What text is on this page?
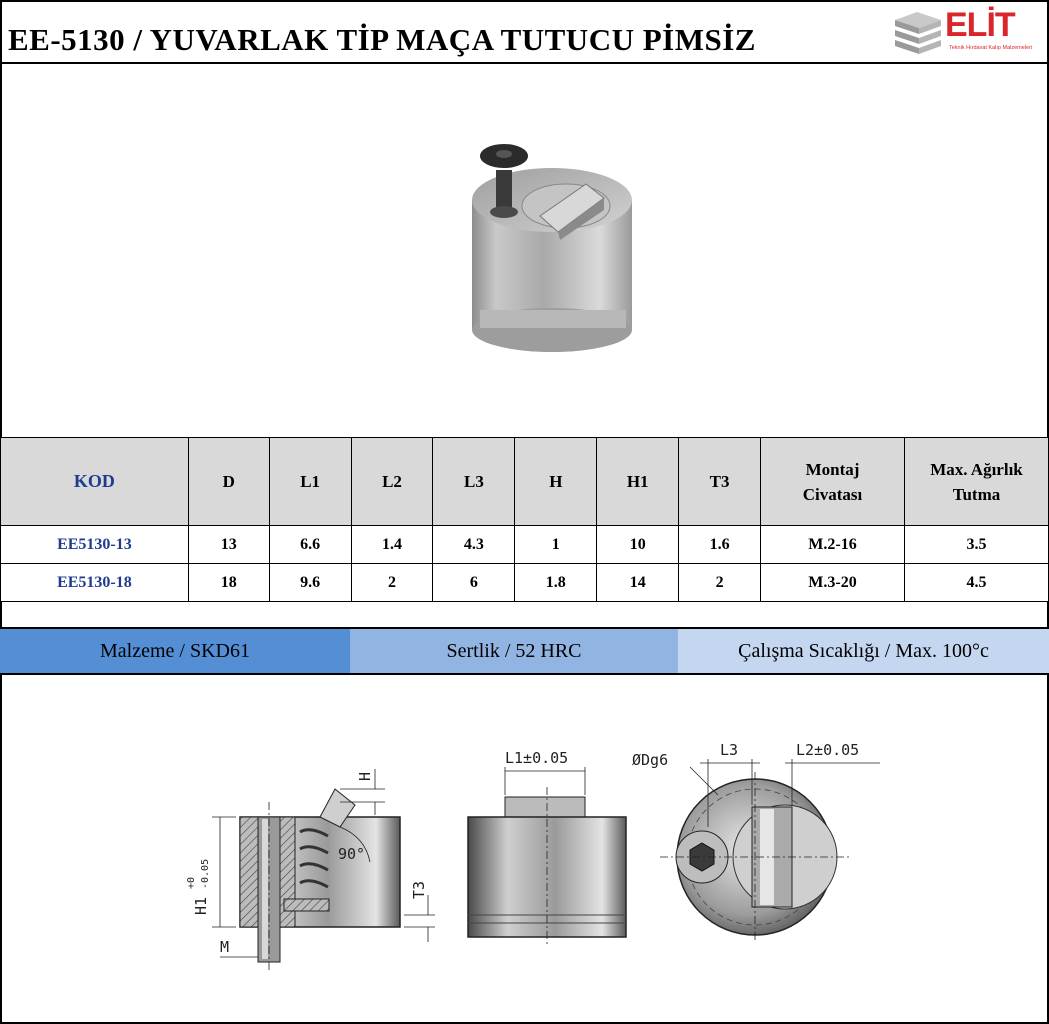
EE-5130 / YUVARLAK TİP MAÇA TUTUCU PİMSİZ	ELİT
Teknik Hırdavat Kalıp Malzemeleri
KOD	D	L1	L2	L3	H	H1	T3	Montaj Civatası	Max. Ağırlık Tutma
EE5130-13	13	6.6	1.4	4.3	1	10	1.6	M.2-16	3.5
EE5130-18	18	9.6	2	6	1.8	14	2	M.3-20	4.5
Malzeme / SKD61	Sertlik / 52 HRC	Çalışma Sıcaklığı / Max. 100°c
H1
+0 -0.05
H
90°
T3
M
L1±0.05	ØDg6
L3	L2±0.05
